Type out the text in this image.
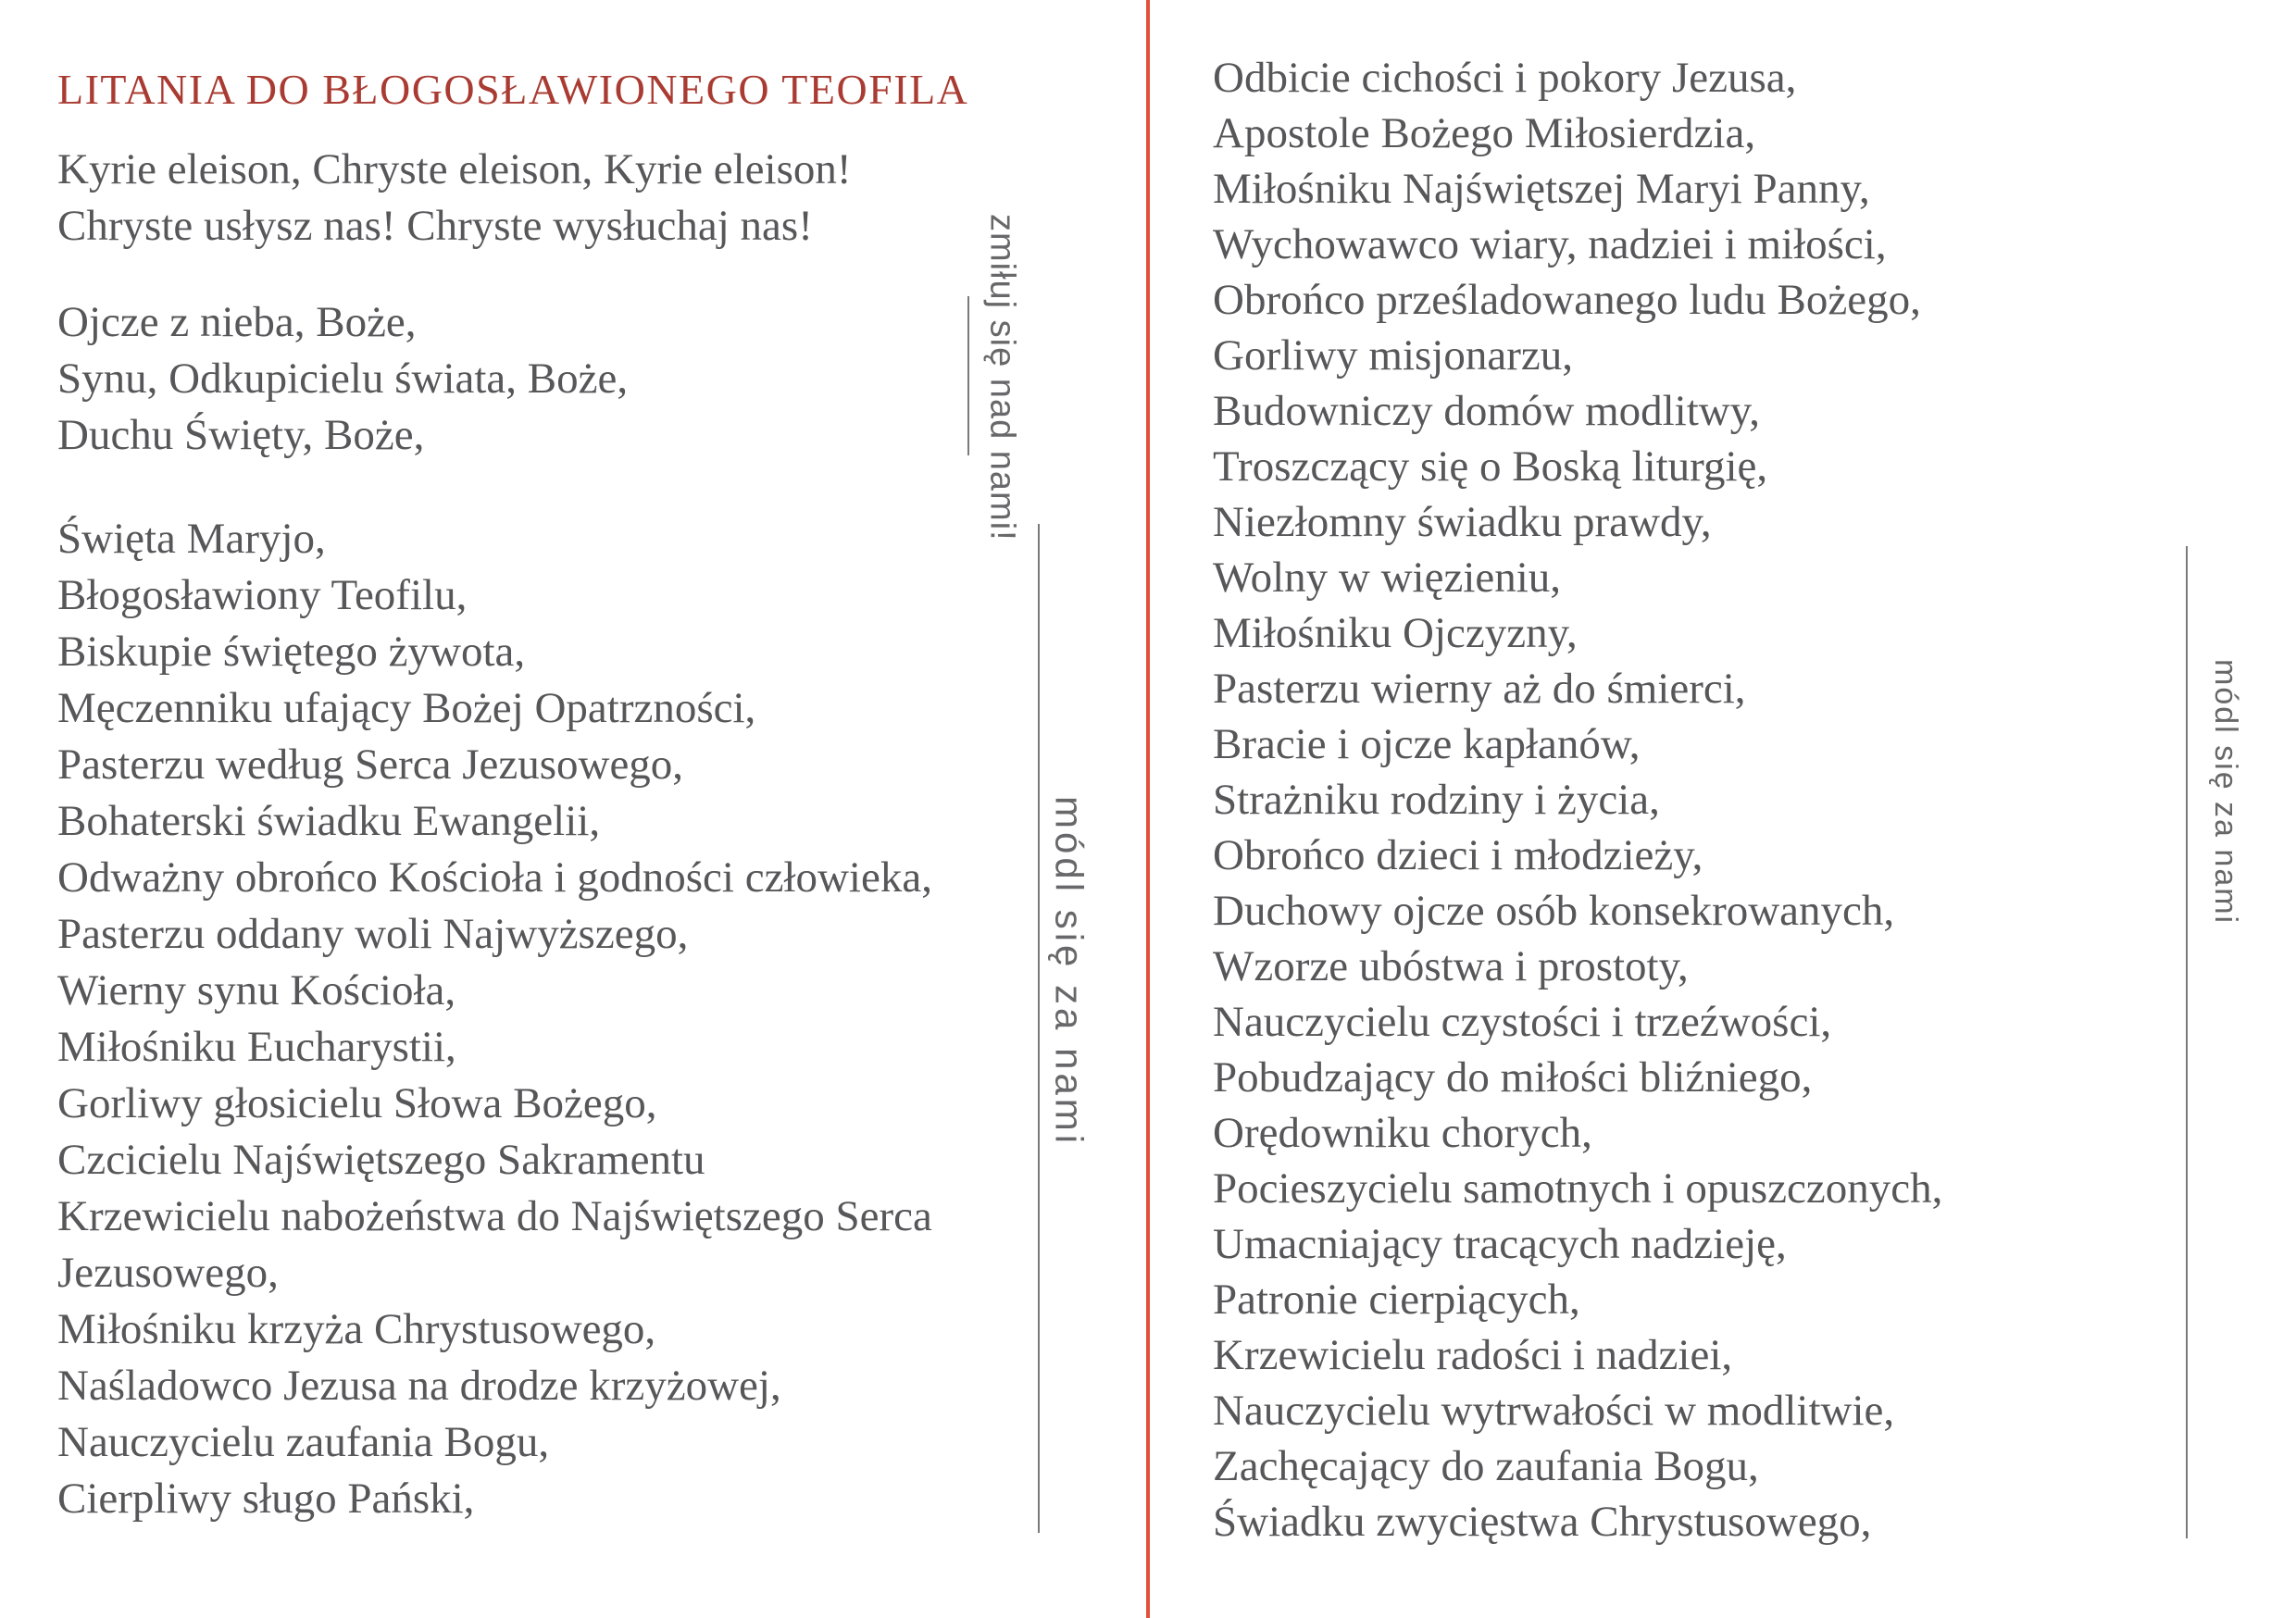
LITANIA DO BŁOGOSŁAWIONEGO TEOFILA
Kyrie eleison, Chryste eleison, Kyrie eleison!
Chryste usłysz nas! Chryste wysłuchaj nas!
Ojcze z nieba, Boże,
Synu, Odkupicielu świata, Boże,
Duchu Święty, Boże,
Święta Maryjo,
Błogosławiony Teofilu,
Biskupie świętego żywota,
Męczenniku ufający Bożej Opatrzności,
Pasterzu według Serca Jezusowego,
Bohaterski świadku Ewangelii,
Odważny obrońco Kościoła i godności człowieka,
Pasterzu oddany woli Najwyższego,
Wierny synu Kościoła,
Miłośniku Eucharystii,
Gorliwy głosicielu Słowa Bożego,
Czcicielu Najświętszego Sakramentu
Krzewicielu nabożeństwa do Najświętszego Serca
Jezusowego,
Miłośniku krzyża Chrystusowego,
Naśladowco Jezusa na drodze krzyżowej,
Nauczycielu zaufania Bogu,
Cierpliwy sługo Pański,
zmiłuj się nad nami!
módl się za nami
Odbicie cichości i pokory Jezusa,
Apostole Bożego Miłosierdzia,
Miłośniku Najświętszej Maryi Panny,
Wychowawco wiary, nadziei i miłości,
Obrońco prześladowanego ludu Bożego,
Gorliwy misjonarzu,
Budowniczy domów modlitwy,
Troszczący się o Boską liturgię,
Niezłomny świadku prawdy,
Wolny w więzieniu,
Miłośniku Ojczyzny,
Pasterzu wierny aż do śmierci,
Bracie i ojcze kapłanów,
Strażniku rodziny i życia,
Obrońco dzieci i młodzieży,
Duchowy ojcze osób konsekrowanych,
Wzorze ubóstwa i prostoty,
Nauczycielu czystości i trzeźwości,
Pobudzający do miłości bliźniego,
Orędowniku chorych,
Pocieszycielu samotnych i opuszczonych,
Umacniający tracących nadzieję,
Patronie cierpiących,
Krzewicielu radości i nadziei,
Nauczycielu wytrwałości w modlitwie,
Zachęcający do zaufania Bogu,
Świadku zwycięstwa Chrystusowego,
módl się za nami
